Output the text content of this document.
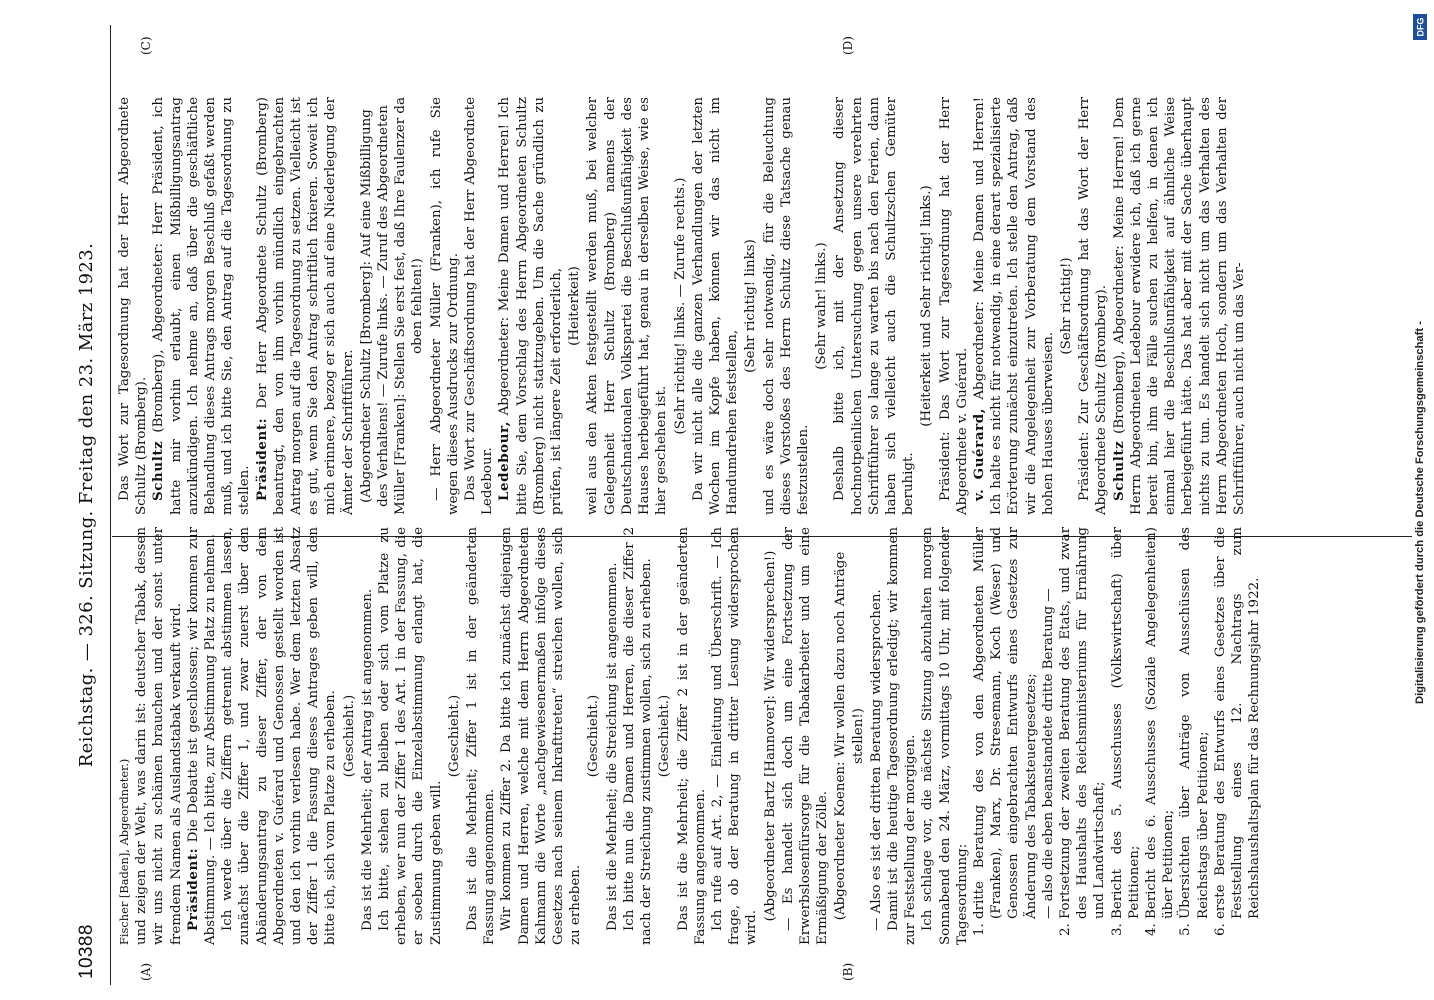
10388
Reichstag. — 326. Sitzung. Freitag den 23. März 1923.
(A)	(B)
(C)	(D)

Fischer [Baden], Abgeordneter.) und zeigen der Welt, was darin ist: deutscher Tabak, dessen wir uns nicht zu schämen brauchen und der sonst unter fremdem Namen als Auslandstabak verkauft wird. Präsident: Die Debatte ist geschlossen; wir kommen zur Abstimmung. — Ich bitte, zur Abstimmung Platz zu nehmen. Ich werde über die Ziffern getrennt abstimmen lassen, zunächst über die Ziffer 1, und zwar zuerst über den Abänderungsantrag zu dieser Ziffer, der von dem Abgeordneten v. Guérard und Genossen gestellt worden ist und den ich vorhin verlesen habe. Wer dem letzten Absatz der Ziffer 1 die Fassung dieses Antrages geben will, den bitte ich, sich vom Platze zu erheben. (Geschieht.) Das ist die Mehrheit; der Antrag ist angenommen. Ich bitte, stehen zu bleiben oder sich vom Platze zu erheben, wer nun der Ziffer 1 des Art. 1 in der Fassung, die er soeben durch die Einzelabstimmung erlangt hat, die Zustimmung geben will.

(Geschieht.) Das ist die Mehrheit; Ziffer 1 ist in der geänderten Fassung angenommen. Wir kommen zu Ziffer 2. Da bitte ich zunächst diejenigen Damen und Herren, welche mit dem Herrn Abgeordneten Kahmann die Worte „nachgewiesenermaßen infolge dieses Gesetzes nach seinem Inkrafttreten“ streichen wollen, sich zu erheben.

(Geschieht.) Das ist die Mehrheit; die Streichung ist angenommen. Ich bitte nun die Damen und Herren, die dieser Ziffer 2 nach der Streichung zustimmen wollen, sich zu erheben. (Geschieht.) Das ist die Mehrheit; die Ziffer 2 ist in der geänderten Fassung angenommen. Ich rufe auf Art. 2, — Einleitung und Überschrift. — Ich frage, ob der Beratung in dritter Lesung widersprochen wird.

(Abgeordneter Bartz [Hannover]: Wir widersprechen!) — Es handelt sich doch um eine Fortsetzung der Erwerbslosenfürsorge für die Tabakarbeiter und um eine Ermäßigung der Zölle. (Abgeordneter Koenen: Wir wollen dazu noch Anträge stellen!) — Also es ist der dritten Beratung widersprochen. Damit ist die heutige Tagesordnung erledigt; wir kommen zur Feststellung der morgigen. Ich schlage vor, die nächste Sitzung abzuhalten morgen Sonnabend den 24. März, vormittags 10 Uhr, mit folgender Tagesordnung: 1. dritte Beratung des von den Abgeordneten Müller (Franken), Marx, Dr. Stresemann, Koch (Weser) und Genossen eingebrachten Entwurfs eines Gesetzes zur Änderung des Tabaksteuergesetzes; — also die eben beanstandete dritte Beratung — 2. Fortsetzung der zweiten Beratung des Etats, und zwar des Haushalts des Reichsministeriums für Ernährung und Landwirtschaft; 3. Bericht des 5. Ausschusses (Volkswirtschaft) über Petitionen; 4. Bericht des 6. Ausschusses (Soziale Angelegenheiten) über Petitionen; 5. Übersichten über Anträge von Ausschüssen des Reichstags über Petitionen; 6. erste Beratung des Entwurfs eines Gesetzes über die Feststellung eines 12. Nachtrags zum Reichshaushaltsplan für das Rechnungsjahr 1922.

Das Wort zur Tagesordnung hat der Herr Abgeordnete Schultz (Bromberg). Schultz (Bromberg), Abgeordneter: Herr Präsident, ich hatte mir vorhin erlaubt, einen Mißbilligungsantrag anzukündigen. Ich nehme an, daß über die geschäftliche Behandlung dieses Antrags morgen Beschluß gefaßt werden muß, und ich bitte Sie, den Antrag auf die Tagesordnung zu stellen. Präsident: Der Herr Abgeordnete Schultz (Bromberg) beantragt, den von ihm vorhin mündlich eingebrachten Antrag morgen auf die Tagesordnung zu setzen. Vielleicht ist es gut, wenn Sie den Antrag schriftlich fixieren. Soweit ich mich erinnere, bezog er sich auch auf eine Niederlegung der Ämter der Schriftführer. (Abgeordneter Schultz [Bromberg]: Auf eine Mißbilligung des Verhaltens! — Zurufe links. — Zuruf des Abgeordneten Müller [Franken]: Stellen Sie erst fest, daß Ihre Faulenzer da oben fehlten!) — Herr Abgeordneter Müller (Franken), ich rufe Sie wegen dieses Ausdrucks zur Ordnung. Das Wort zur Geschäftsordnung hat der Herr Abgeordnete Ledebour. Ledebour, Abgeordneter: Meine Damen und Herren! Ich bitte Sie, dem Vorschlag des Herrn Abgeordneten Schultz (Bromberg) nicht stattzugeben. Um die Sache gründlich zu prüfen, ist längere Zeit erforderlich, (Heiterkeit) weil aus den Akten festgestellt werden muß, bei welcher Gelegenheit Herr Schultz (Bromberg) namens der Deutschnationalen Volkspartei die Beschlußunfähigkeit des Hauses herbeigeführt hat, genau in derselben Weise, wie es hier geschehen ist.

(Sehr richtig! links. — Zurufe rechts.) Da wir nicht alle die ganzen Verhandlungen der letzten Wochen im Kopfe haben, können wir das nicht im Handumdrehen feststellen,

(Sehr richtig! links) und es wäre doch sehr notwendig, für die Beleuchtung dieses Vorstoßes des Herrn Schultz diese Tatsache genau festzustellen.

(Sehr wahr! links.) Deshalb bitte ich, mit der Ansetzung dieser hochnotpeinlichen Untersuchung gegen unsere verehrten Schriftführer so lange zu warten bis nach den Ferien, dann haben sich vielleicht auch die Schultzschen Gemüter beruhigt.

(Heiterkeit und Sehr richtig! links.) Präsident: Das Wort zur Tagesordnung hat der Herr Abgeordnete v. Guérard. v. Guérard, Abgeordneter: Meine Damen und Herren! Ich halte es nicht für notwendig, in eine derart spezialisierte Erörterung zunächst einzutreten. Ich stelle den Antrag, daß wir die Angelegenheit zur Vorberatung dem Vorstand des hohen Hauses überweisen.

(Sehr richtig!) Präsident: Zur Geschäftsordnung hat das Wort der Herr Abgeordnete Schultz (Bromberg). Schultz (Bromberg), Abgeordneter: Meine Herren! Dem Herrn Abgeordneten Ledebour erwidere ich, daß ich gerne bereit bin, ihm die Fälle suchen zu helfen, in denen ich einmal hier die Beschlußunfähigkeit auf ähnliche Weise herbeigeführt hätte. Das hat aber mit der Sache überhaupt nichts zu tun. Es handelt sich nicht um das Verhalten des Herrn Abgeordneten Hoch, sondern um das Verhalten der Schriftführer, auch nicht um das Ver-

DFG
Digitalisierung gefördert durch die Deutsche Forschungsgemeinschaft -
